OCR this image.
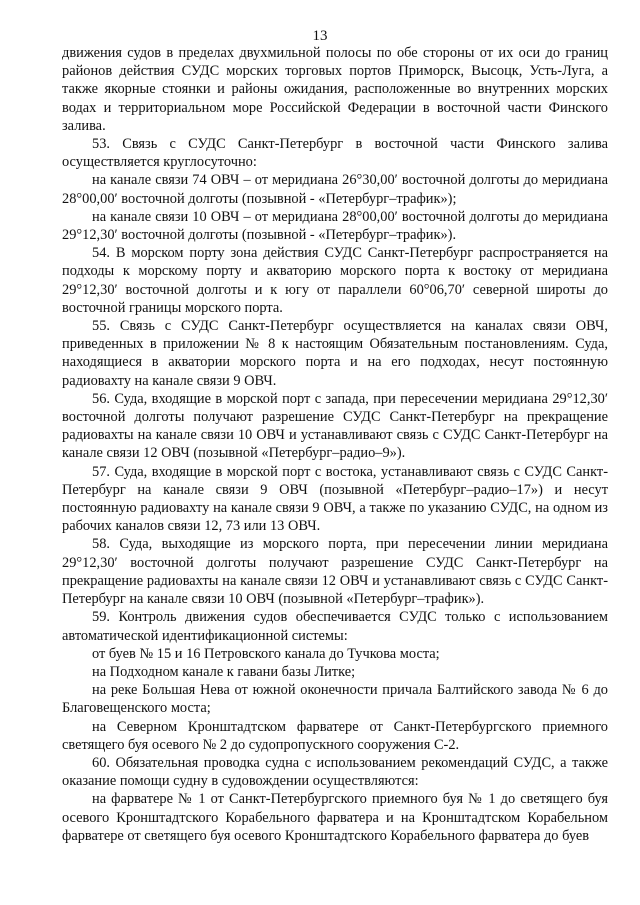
13

движения судов в пределах двухмильной полосы по обе стороны от их оси до границ районов действия СУДС морских торговых портов Приморск, Высоцк, Усть-Луга, а также якорные стоянки и районы ожидания, расположенные во внутренних морских водах и территориальном море Российской Федерации в восточной части Финского залива.

53. Связь с СУДС Санкт-Петербург в восточной части Финского залива осуществляется круглосуточно:

на канале связи 74 ОВЧ – от меридиана 26°30,00′ восточной долготы до меридиана 28°00,00′ восточной долготы (позывной - «Петербург–трафик»);

на канале связи 10 ОВЧ – от меридиана 28°00,00′ восточной долготы до меридиана 29°12,30′ восточной долготы (позывной - «Петербург–трафик»).

54. В морском порту зона действия СУДС Санкт-Петербург распространяется на подходы к морскому порту и акваторию морского порта к востоку от меридиана 29°12,30′ восточной долготы и к югу от параллели 60°06,70′ северной широты до восточной границы морского порта.

55. Связь с СУДС Санкт-Петербург осуществляется на каналах связи ОВЧ, приведенных в приложении № 8 к настоящим Обязательным постановлениям. Суда, находящиеся в акватории морского порта и на его подходах, несут постоянную радиовахту на канале связи 9 ОВЧ.

56. Суда, входящие в морской порт с запада, при пересечении меридиана 29°12,30′ восточной долготы получают разрешение СУДС Санкт-Петербург на прекращение радиовахты на канале связи 10 ОВЧ и устанавливают связь с СУДС Санкт-Петербург на канале связи 12 ОВЧ (позывной «Петербург–радио–9»).

57. Суда, входящие в морской порт с востока, устанавливают связь с СУДС Санкт-Петербург на канале связи 9 ОВЧ (позывной «Петербург–радио–17») и несут постоянную радиовахту на канале связи 9 ОВЧ, а также по указанию СУДС, на одном из рабочих каналов связи 12, 73 или 13 ОВЧ.

58. Суда, выходящие из морского порта, при пересечении линии меридиана 29°12,30′ восточной долготы получают разрешение СУДС Санкт-Петербург на прекращение радиовахты на канале связи 12 ОВЧ и устанавливают связь с СУДС Санкт-Петербург на канале связи 10 ОВЧ (позывной «Петербург–трафик»).

59. Контроль движения судов обеспечивается СУДС только с использованием автоматической идентификационной системы:

от буев № 15 и 16 Петровского канала до Тучкова моста;

на Подходном канале к гавани базы Литке;

на реке Большая Нева от южной оконечности причала Балтийского завода № 6 до Благовещенского моста;

на Северном Кронштадтском фарватере от Санкт-Петербургского приемного светящего буя осевого № 2 до судопропускного сооружения С-2.

60. Обязательная проводка судна с использованием рекомендаций СУДС, а также оказание помощи судну в судовождении осуществляются:

на фарватере № 1 от Санкт-Петербургского приемного буя № 1 до светящего буя осевого Кронштадтского Корабельного фарватера и на Кронштадтском Корабельном фарватере от светящего буя осевого Кронштадтского Корабельного фарватера до буев
